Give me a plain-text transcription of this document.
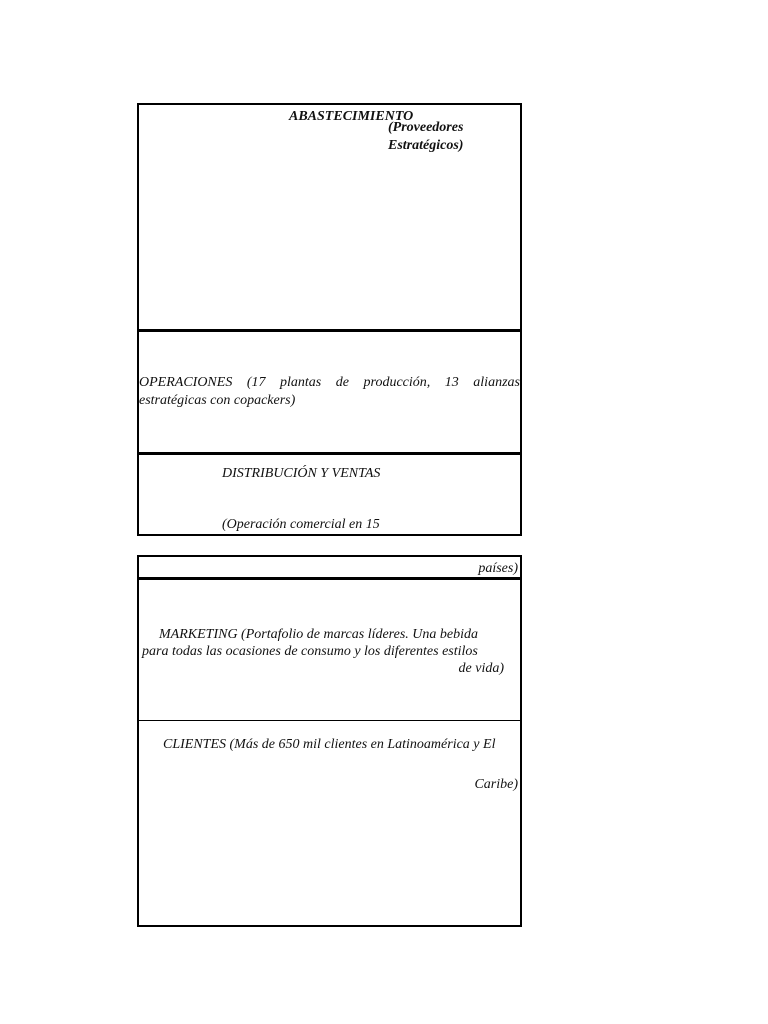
ABASTECIMIENTO
(Proveedores
Estratégicos)
OPERACIONES (17 plantas de producción, 13 alianzas
estratégicas con copackers)
DISTRIBUCIÓN Y VENTAS
(Operación comercial en 15
países)
MARKETING (Portafolio de marcas líderes. Una bebida
para todas las ocasiones de consumo y los diferentes estilos
de vida)
CLIENTES (Más de 650 mil clientes en Latinoamérica y El
Caribe)
